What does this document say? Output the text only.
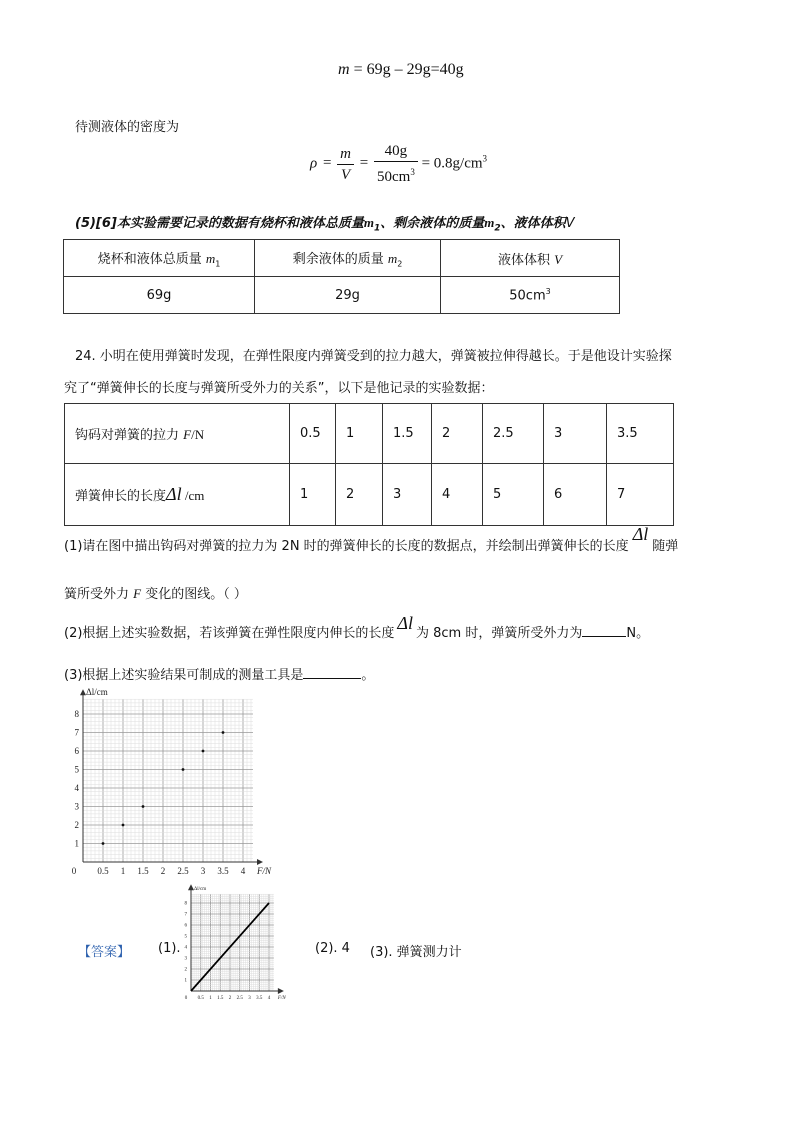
m = 69g – 29g=40g
待测液体的密度为
$\rho = \frac{m}{V} = \frac{40g}{50cm^3} = 0.8g/cm^3$
(5)[6]本实验需要记录的数据有烧杯和液体总质量$m_1$、剩余液体的质量$m_2$、液体体积V
烧杯和液体总质量 $m_1$	剩余液体的质量 $m_2$	液体体积 V
69g	29g	$50cm^3$
24. 小明在使用弹簧时发现，在弹性限度内弹簧受到的拉力越大，弹簧被拉伸得越长。于是他设计实验探
究了“弹簧伸长的长度与弹簧所受外力的关系”，以下是他记录的实验数据：
钩码对弹簧的拉力 F/N	0.5	1	1.5	2	2.5	3	3.5
弹簧伸长的长度Δl /cm	1	2	3	4	5	6	7
(1)请在图中描出钩码对弹簧的拉力为 2N 时的弹簧伸长的长度的数据点，并绘制出弹簧伸长的长度Δl随弹
簧所受外力 F 变化的图线。（ ）
(2)根据上述实验数据，若该弹簧在弹性限度内伸长的长度Δl为 8cm 时，弹簧所受外力为	N。
(3)根据上述实验结果可制成的测量工具是	。
0 0.5 1 1.5 2 2.5 3 3.5 4
1
2
3
4
5
6
7
8
Δl/cm
F/N
【答案】 (1).
0 0.5 1 1.5 2 2.5 3 3.5 4
1
2
3
4
5
6
7
8
Δl/cm
F/N
(2). 4 (3). 弹簧测力计
